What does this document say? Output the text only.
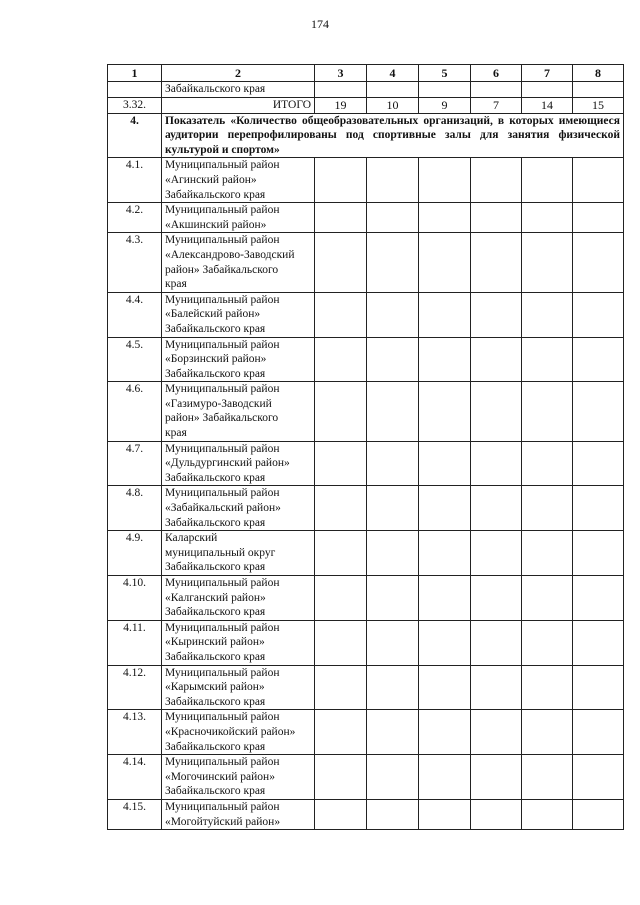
174
1	2	3	4	5	6	7	8

	Забайкальского края						

3.32.	ИТОГО	19	10	9	7	14	15
4.	Показатель «Количество общеобразовательных организаций, в которых имеющиеся аудитории перепрофилированы под спортивные залы для занятия физической культурой и спортом»						
4.1.	Муниципальный район
«Агинский район»
Забайкальского края						

4.2.	Муниципальный район
«Акшинский район»						

4.3.	Муниципальный район
«Александрово-Заводский
район» Забайкальского
края						

4.4.	Муниципальный район
«Балейский район»
Забайкальского края						

4.5.	Муниципальный район
«Борзинский район»
Забайкальского края						

4.6.	Муниципальный район
«Газимуро-Заводский
район» Забайкальского
края						

4.7.	Муниципальный район
«Дульдургинский район»
Забайкальского края						

4.8.	Муниципальный район
«Забайкальский район»
Забайкальского края						

4.9.	Каларский
муниципальный округ
Забайкальского края						

4.10.	Муниципальный район
«Калганский район»
Забайкальского края						

4.11.	Муниципальный район
«Кыринский район»
Забайкальского края						

4.12.	Муниципальный район
«Карымский район»
Забайкальского края						

4.13.	Муниципальный район
«Красночикойский район»
Забайкальского края						

4.14.	Муниципальный район
«Могочинский район»
Забайкальского края						

4.15.	Муниципальный район
«Могойтуйский район»						
